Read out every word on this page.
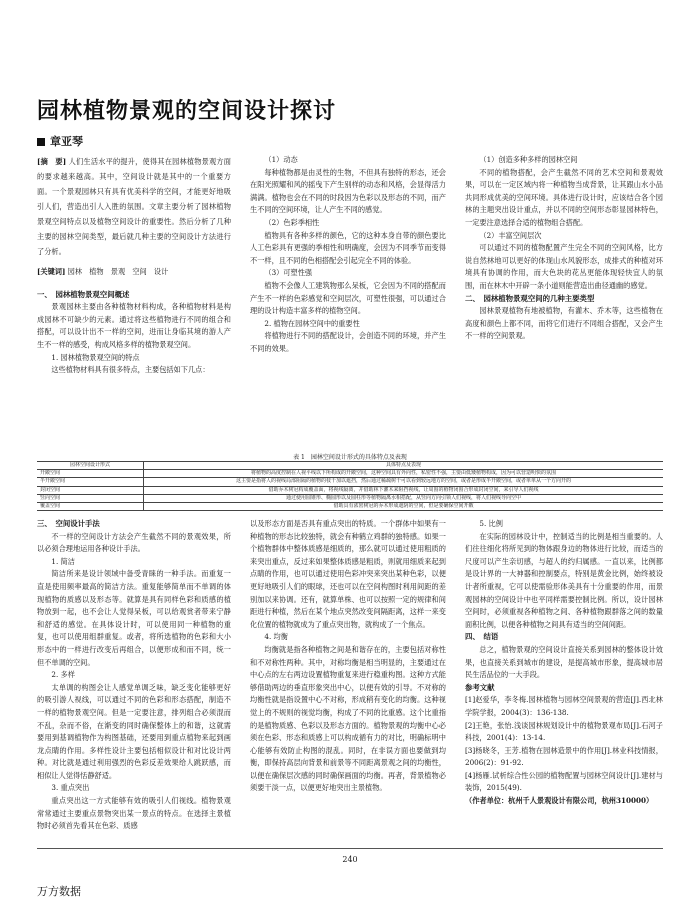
园林植物景观的空间设计探讨
章亚琴

[摘　要] 人们生活水平的提升，使得其在园林植物景观方面的要求越来越高。其中，空间设计就是其中的一个重要方面。一个景观园林只有具有优美科学的空间，才能更好地吸引人们，营造出引人入胜的氛围。文章主要分析了园林植物景观空间特点以及植物空间设计的重要性。然后分析了几种主要的园林空间类型，最后就几种主要的空间设计方法进行了分析。

[关键词] 园林　植物　景观　空间　设计

一、　园林植物景观空间概述

景观园林主要由各种植物材料构成，各种植物材料是构成园林不可缺少的元素。通过将这些植物进行不同的组合和搭配，可以设计出不一样的空间，进而让身临其境的游人产生不一样的感受，构成风格多样的植物景观空间。

1. 园林植物景观空间的特点

这些植物材料具有很多特点，主要包括如下几点：

（1）动态

每种植物都是由灵性的生物，不但具有独特的形态，还会在阳光照耀和风的摇曳下产生别样的动态和风格，会显得活力满满。植物也会在不同的时段因为色彩以及形态的不同，而产生不同的空间环境，让人产生不同的感觉。

（2）色彩季相性

植物具有各种多样的颜色，它的这种本身自带的颜色要比人工色彩具有更强的季相性和明确度，会因为不同季节而变得不一样，且不同的色相搭配会引起完全不同的体验。

（3）可塑性强

植物不会像人工建筑物那么呆板，它会因为不同的搭配而产生不一样的色彩感觉和空间层次，可塑性很强，可以通过合理的设计构造丰富多样的植物空间。

2. 植物在园林空间中的重要性

将植物进行不同的搭配设计，会创造不同的环境，并产生不同的效果。

（1）创造多种多样的园林空间

不同的植物搭配，会产生截然不同的艺术空间和景观效果，可以在一定区域内将一种植物当成背景，让其跟山水小品共同形成优美的空间环境。具体进行设计时，应该结合各个园林的主题突出设计重点，并以不同的空间形态彰显园林特色，一定要注意选择合适的植物组合搭配。

（2）丰富空间层次

可以通过不同的植物配置产生完全不同的空间风格，比方说自然林地可以更好的体现山水风貌形态，成排式的种植对环境具有协调的作用，而大色块的花丛更能体现轻快宜人的氛围，而在林木中开辟一条小道则能营造出曲径通幽的感觉。

二、　园林植物景观空间的几种主要类型

园林景观植物有地被植物，有灌木、乔木等，这些植物在高度和颜色上都不同，而将它们进行不同组合搭配，又会产生不一样的空间景观。

表 1　园林空间设计形式的具体特点及表现
园林空间设计形式	具体特点及表现
开敞空间	将植物的高度控制在人视平线以下所构成的开敞空间，这种空间具有外向性，私密性不强，主要由低矮植物构成，因为可以营造明快的氛围
半开敞空间	这主要是指将人的视线局部阻隔的植物的枝干加以遮挡，然后通过稀疏树干可以看到较远地方的空间，或者是形成半开敞空间，或者单单从一个方向开的
封闭空间	借助乔木树冠构成覆盖面，将视线隔离，并借助林下灌木来阻挡视线，让周围的植物闭围合形成封闭空间，来引导人们视线
竖向空间	通过使用圆锥形、椭圆形以及圆柱形等植物隔离水相搭配，从竖向方向引领人们视线，将人们视线导向空中
覆盖空间	借助具有浓密树冠的乔木形成遮阴的空间，但是要确保空间开敞

三、　空间设计手法

不一样的空间设计方法会产生截然不同的景观效果，所以必须合理地运用各种设计手法。

1. 简洁

简洁所来是设计领域中备受青睐的一种手法。而重复一直是使用频率最高的简洁方法。重复能够简单而不单调的体现植物的质感以及形态等。就算是具有同样色彩和质感的植物放到一起，也不会让人觉得呆板，可以给观赏者带来宁静和舒适的感觉。在具体设计时，可以使用同一种植物的重复，也可以使用组群重复。或者，将所选植物的色彩和大小形态中的一样进行改变后再组合，以便形成和而不同，统一但不单调的空间。

2. 多样

太单调的构图会让人感觉单调乏味，缺乏变化能够更好的吸引游人视线，可以通过不同的色彩和形态搭配，制造不一样的植物景观空间。但是一定要注意，排列组合必须混而不乱，杂而不俗，在渐变的同时确保整体上的和谐，这就需要用到基调植物作为构图基础，还要用到重点植物来起到画龙点睛的作用。多样性设计主要包括相似设计和对比设计两种。对比就是通过利用强烈的色彩反差效果给人跳跃感，而相似让人觉得恬静舒适。

3. 重点突出

重点突出这一方式能够有效的吸引人们视线。植物景观常常通过主要重点景物突出某一景点的特点。在选择主景植物时必须首先看其在色彩、质感

以及形态方面是否具有重点突出的特质。一个群体中如果有一种植物的形态比较独特，就会有种鹤立鸡群的独特感。如果一个植物群体中整体质感是细质的，那么就可以通过使用粗质的来突出重点，反过来如果整体质感是粗质，则就用细质来起到点睛的作用，也可以通过使用色彩冲突来突出某种色彩，以便更好地吸引人们的眼球，还也可以在空间构图时利用间距的差别加以来协调。还有，就算单株、也可以按照一定的规律和间距进行种植，然后在某个地点突然改变间隔距离，这样一来变化位置的植物就成为了重点突出物，就构成了一个焦点。

4. 均衡

均衡就是指各种植物之间是和谐存在的，主要包括对称性和不对称性两种。其中，对称均衡是相当明显的，主要通过在中心点的左右两边设置植物重复来进行稳重构图。这种方式能够借助两边的垂直形象突出中心，以便有效的引导。不对称的均衡性就是指设置中心不对称，形成稍有变化的均衡。这种视觉上的不规则的视觉均衡，构成了不同的比重感。这个比重指的是植物质感、色彩以及形态方面的。植物景观的均衡中心必须在色彩、形态和质感上可以构成循有力的对比，明确标明中心能够有效防止构图的混乱。同时，在非误方面也要做到均衡，即保持高层向背景和前景等不同距离景观之间的均衡性，以便在确保层次感的同时确保画面的均衡。再者，背景植物必须要干淡一点，以便更好地突出主景植物。

5. 比例

在实际的园林设计中，控制适当的比例是相当重要的。人们往往细化将所见到的物体跟身边的物体进行比较，而适当的尺度可以产生亲切感，与超人的约归属感。一直以来，比例都是设计界的一大神器和控制要点，特别是黄金比例，始终被设计者所重视，它可以使需验形体美具有十分重要的作用，而景观园林的空间设计中也平同样需要控制比例。所以，设计园林空间时，必须重视各种植物之间、各种植物跟群落之间的数量面积比例，以便各种植物之间具有适当的空间间距。

四、　结语

总之，植物景观的空间设计直接关系到园林的整体设计效果，也直接关系到城市的建设，是提高城市形象，提高城市居民生活品位的一大手段。

参考文献

[1]赵爱华，李冬梅.园林植物与园林空间景观的营造[J].西北林学院学报，2004(3)：136-138.

[2]王艳，张怡.浅谈园林规划设计中的植物景观布局[J].石河子科技，2001(4)：13-14.

[3]杨晓冬，王芳.植物在园林造景中的作用[J].林业科技情报，2006(2)：91-92.

[4]杨雁.试析综合性公园的植物配置与园林空间设计[J].建材与装饰，2015(49).

（作者单位：杭州千人景观设计有限公司，杭州310000）

240
万方数据
